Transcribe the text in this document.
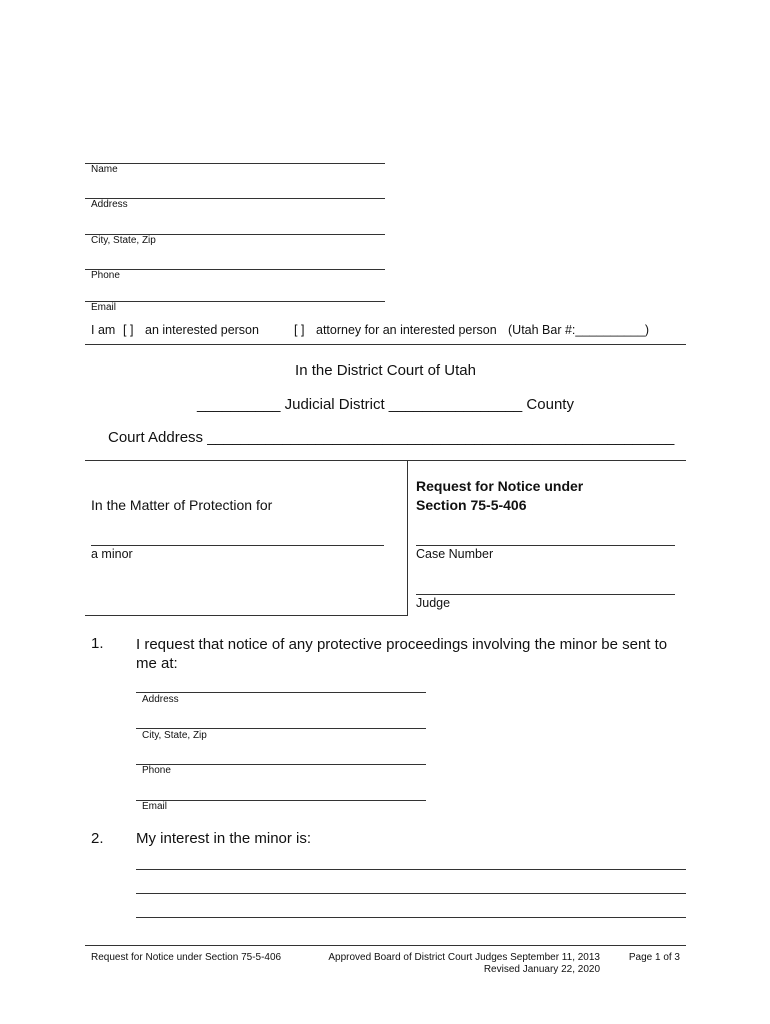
Name
Address
City, State, Zip
Phone
Email
I am [ ] an interested person	[ ] attorney for an interested person (Utah Bar #:__________)
In the District Court of Utah
__________ Judicial District ________________ County
Court Address ________________________________________________________
In the Matter of Protection for
a minor
Request for Notice under
Section 75-5-406
Case Number
Judge
1. I request that notice of any protective proceedings involving the minor be sent to me at:
Address
City, State, Zip
Phone
Email
2. My interest in the minor is:
Request for Notice under Section 75-5-406	Approved Board of District Court Judges September 11, 2013
Revised January 22, 2020
Page 1 of 3
